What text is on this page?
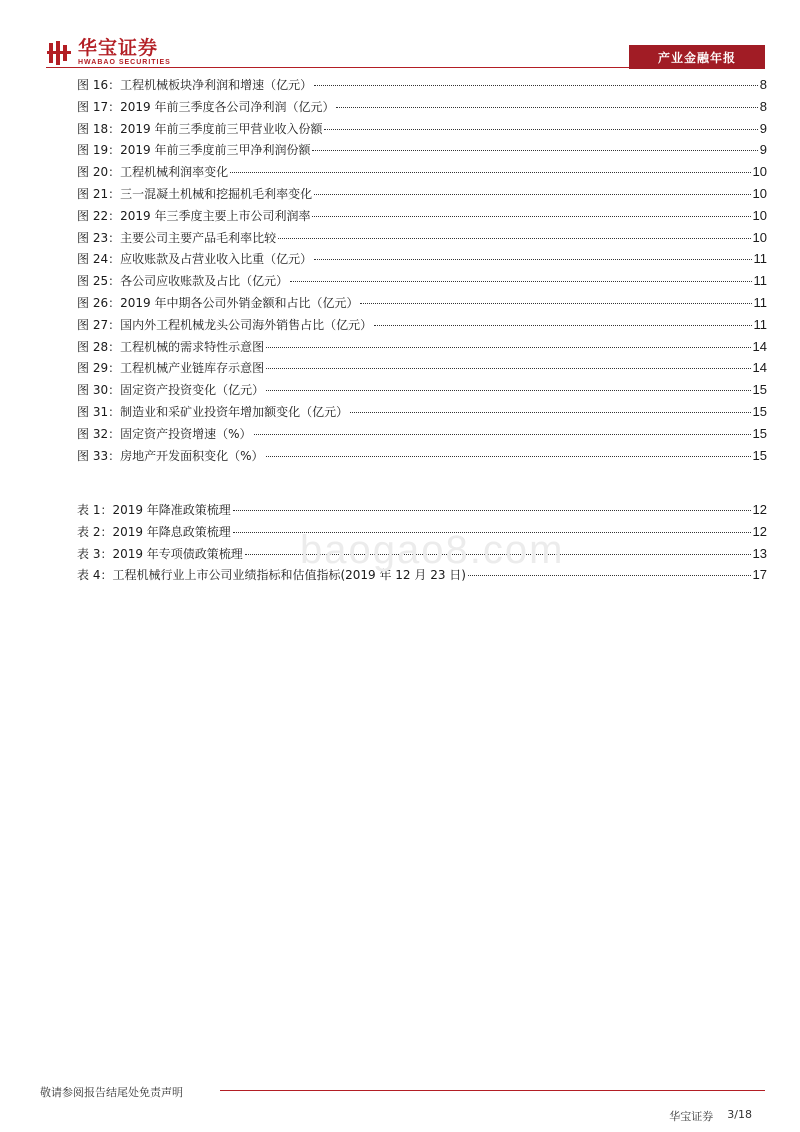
华宝证券
HWABAO SECURITIES	产业金融年报
图 16：工程机械板块净利润和增速（亿元）	8
图 17：2019 年前三季度各公司净利润（亿元）	8
图 18：2019 年前三季度前三甲营业收入份额	9
图 19：2019 年前三季度前三甲净利润份额	9
图 20：工程机械利润率变化	10
图 21：三一混凝土机械和挖掘机毛利率变化	10
图 22：2019 年三季度主要上市公司利润率	10
图 23：主要公司主要产品毛利率比较	10
图 24：应收账款及占营业收入比重（亿元）	11
图 25：各公司应收账款及占比（亿元）	11
图 26：2019 年中期各公司外销金额和占比（亿元）	11
图 27：国内外工程机械龙头公司海外销售占比（亿元）	11
图 28：工程机械的需求特性示意图	14
图 29：工程机械产业链库存示意图	14
图 30：固定资产投资变化（亿元）	15
图 31：制造业和采矿业投资年增加额变化（亿元）	15
图 32：固定资产投资增速（%）	15
图 33：房地产开发面积变化（%）	15
表 1：2019 年降准政策梳理	12
表 2：2019 年降息政策梳理	12
表 3：2019 年专项债政策梳理	13
表 4：工程机械行业上市公司业绩指标和估值指标(2019 年 12 月 23 日)	17
baogao8.com
敬请参阅报告结尾处免责声明
华宝证券 3/18
